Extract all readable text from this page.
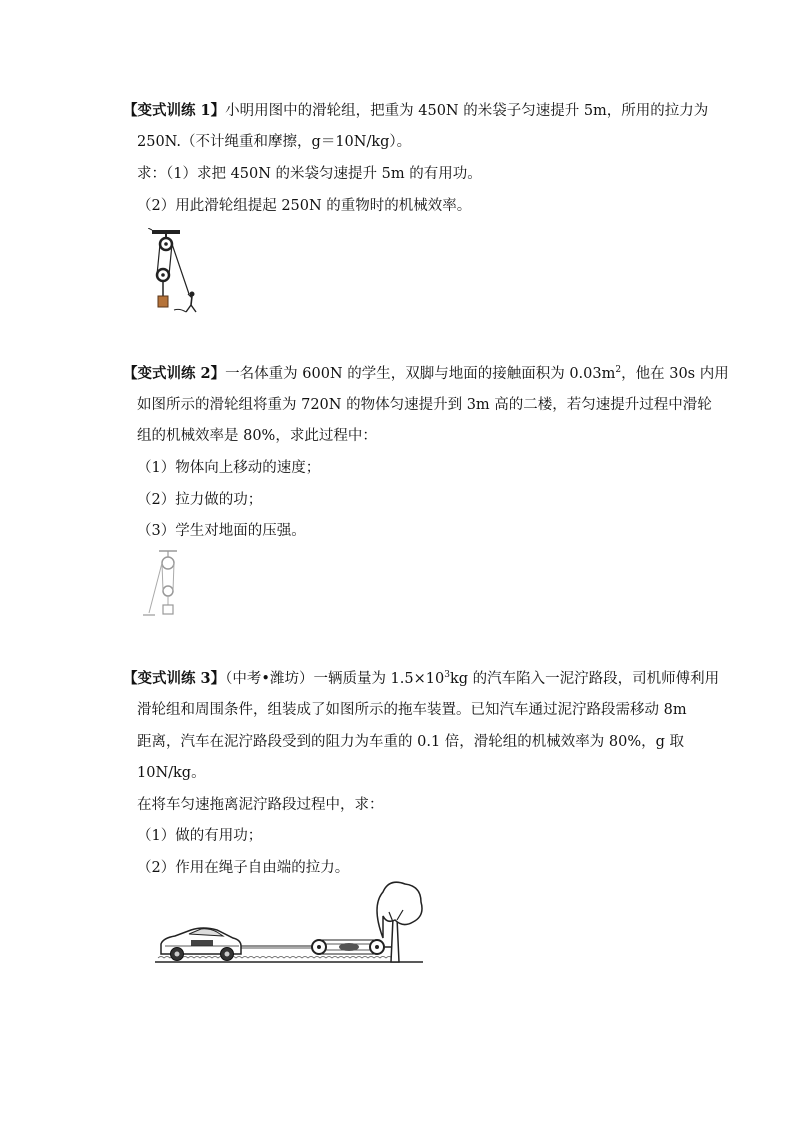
【变式训练 1】小明用图中的滑轮组，把重为 450N 的米袋子匀速提升 5m，所用的拉力为
250N.（不计绳重和摩擦，g＝10N/kg）。
求：（1）求把 450N 的米袋匀速提升 5m 的有用功。
（2）用此滑轮组提起 250N 的重物时的机械效率。
【变式训练 2】一名体重为 600N 的学生，双脚与地面的接触面积为 $0.03m^2$，他在 30s 内用
如图所示的滑轮组将重为 720N 的物体匀速提升到 3m 高的二楼，若匀速提升过程中滑轮
组的机械效率是 80%，求此过程中：
（1）物体向上移动的速度；
（2）拉力做的功；
（3）学生对地面的压强。
【变式训练 3】（中考•潍坊）一辆质量为 $1.5\times 10^3kg$ 的汽车陷入一泥泞路段，司机师傅利用
滑轮组和周围条件，组装成了如图所示的拖车装置。已知汽车通过泥泞路段需移动 8m
距离，汽车在泥泞路段受到的阻力为车重的 0.1 倍，滑轮组的机械效率为 80%，g 取
10N/kg。
在将车匀速拖离泥泞路段过程中，求：
（1）做的有用功；
（2）作用在绳子自由端的拉力。
